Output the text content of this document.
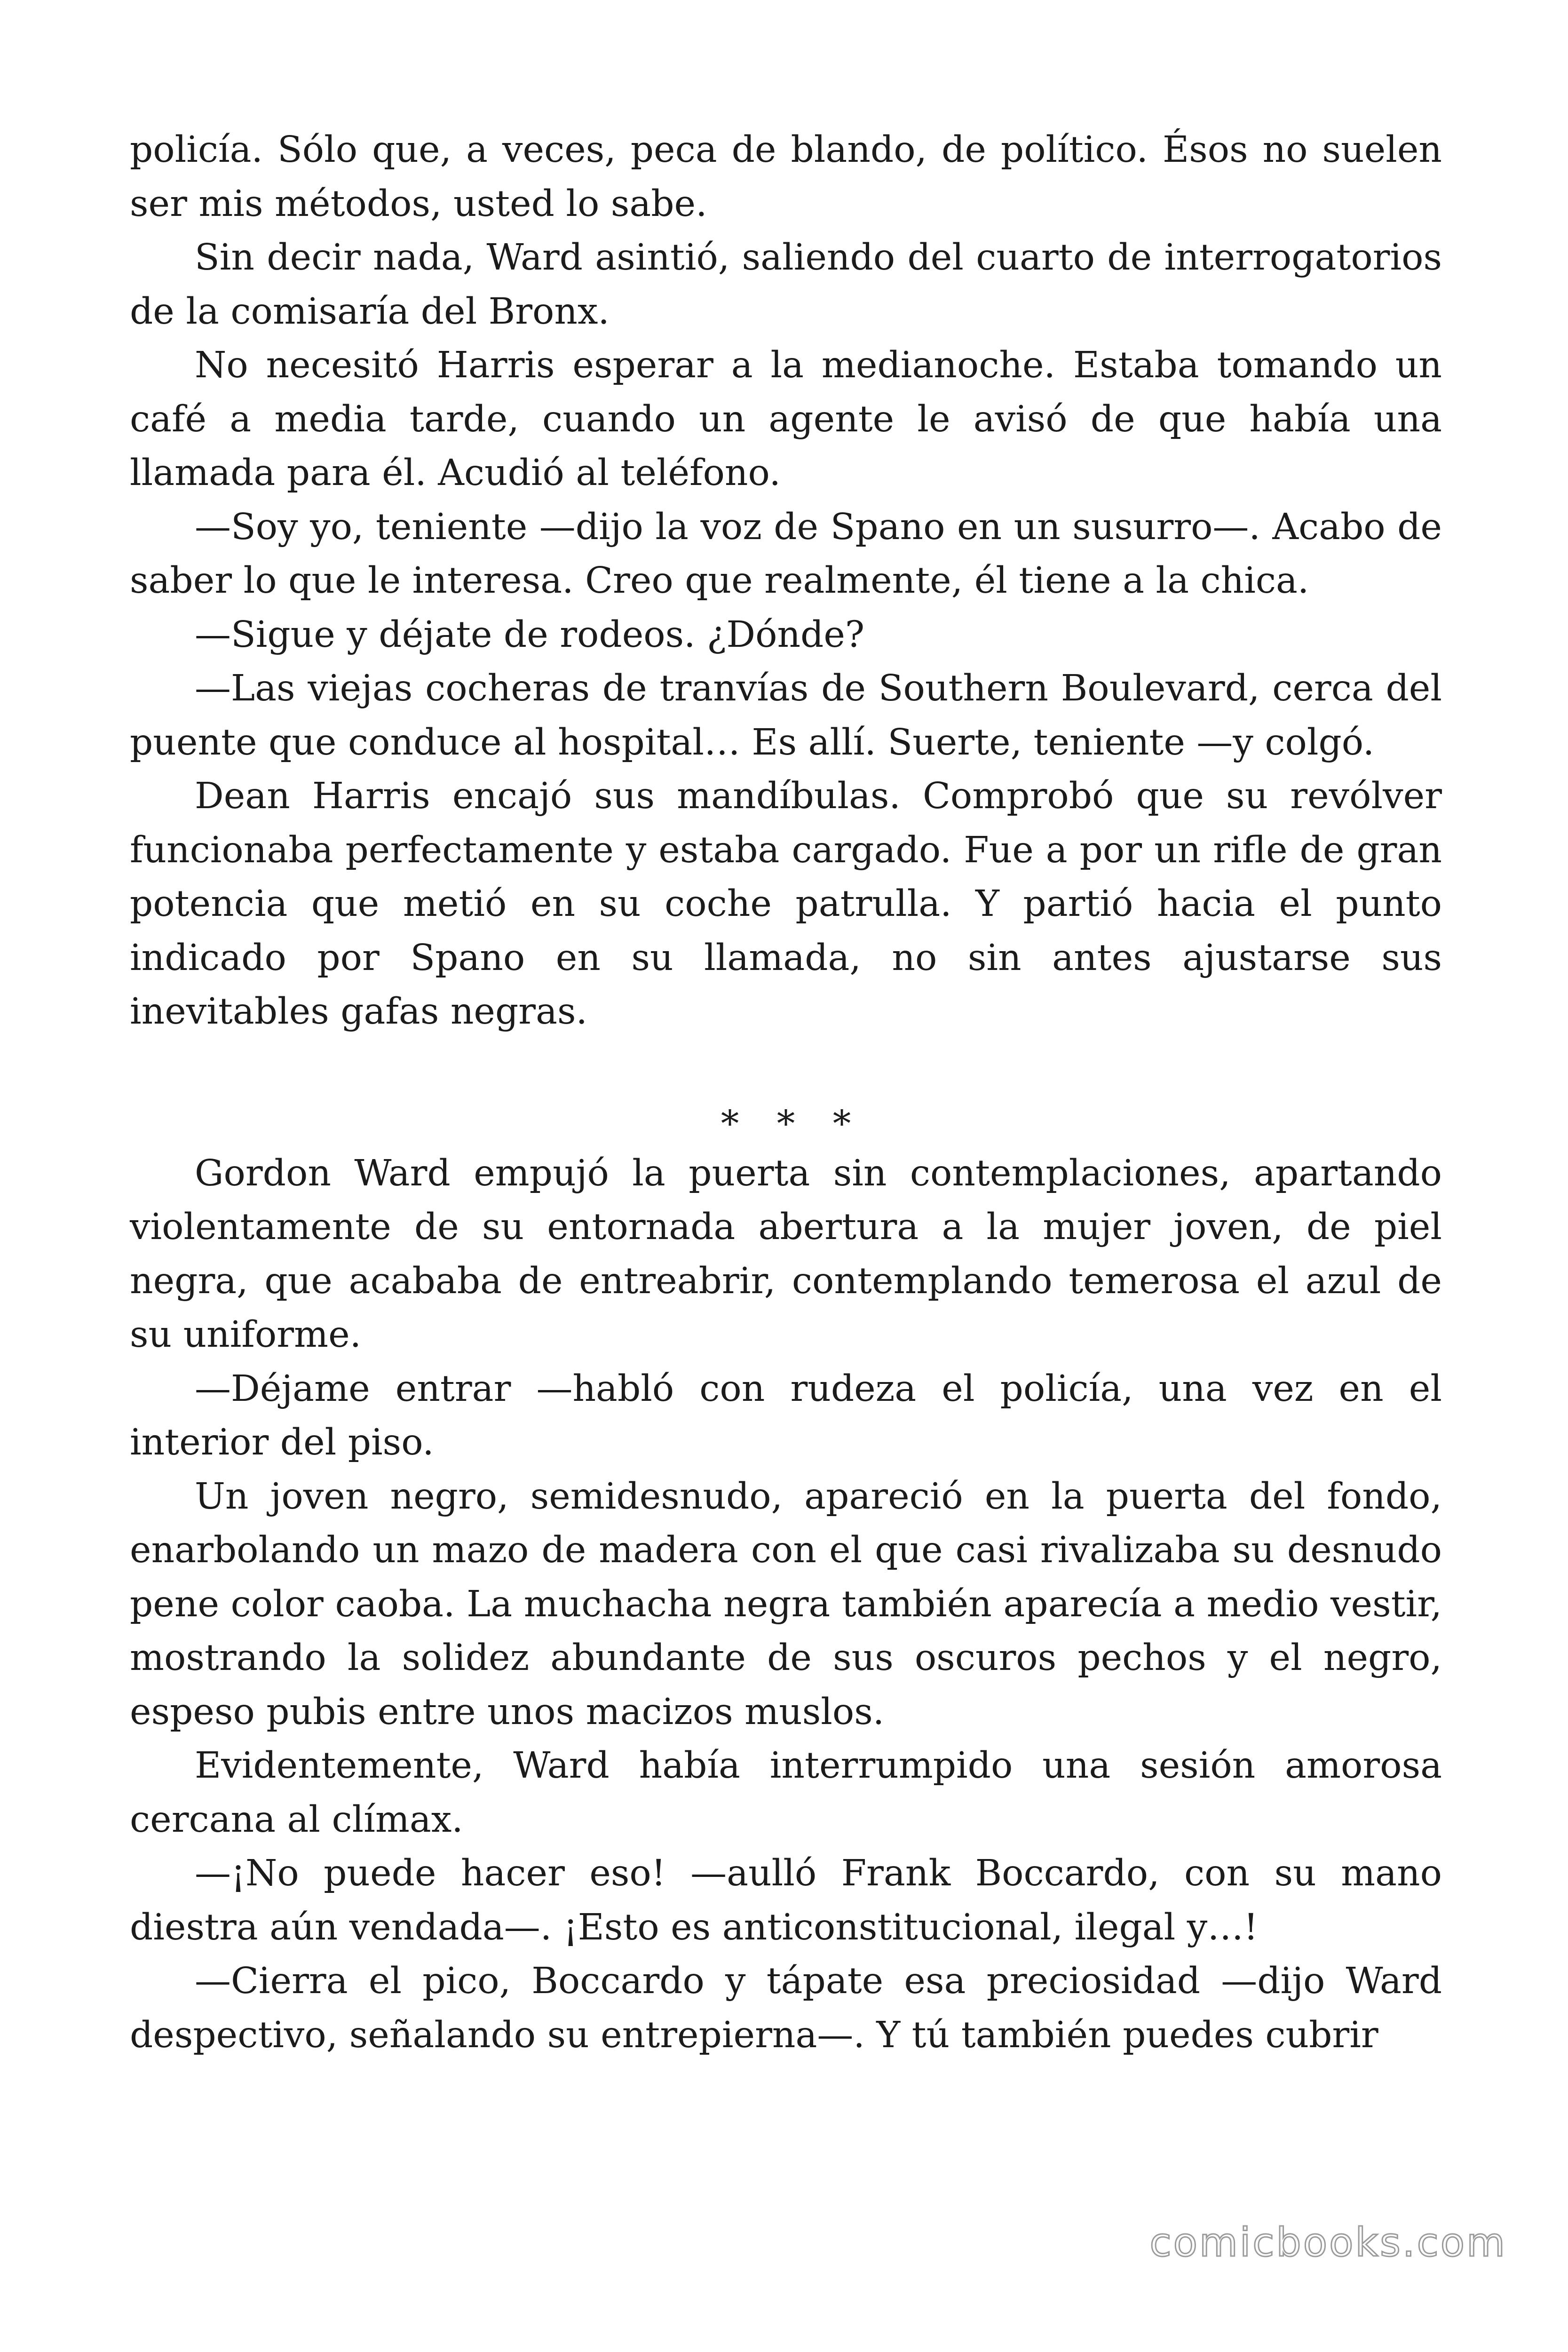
policía. Sólo que, a veces, peca de blando, de político. Ésos no suelen ser mis métodos, usted lo sabe.

Sin decir nada, Ward asintió, saliendo del cuarto de interrogatorios de la comisaría del Bronx.

No necesitó Harris esperar a la medianoche. Estaba tomando un café a media tarde, cuando un agente le avisó de que había una llamada para él. Acudió al teléfono.

—Soy yo, teniente —dijo la voz de Spano en un susurro—. Acabo de saber lo que le interesa. Creo que realmente, él tiene a la chica.

—Sigue y déjate de rodeos. ¿Dónde?

—Las viejas cocheras de tranvías de Southern Boulevard, cerca del puente que conduce al hospital… Es allí. Suerte, teniente —y colgó.

Dean Harris encajó sus mandíbulas. Comprobó que su revólver funcionaba perfectamente y estaba cargado. Fue a por un rifle de gran potencia que metió en su coche patrulla. Y partió hacia el punto indicado por Spano en su llamada, no sin antes ajustarse sus inevitables gafas negras.

* * *

Gordon Ward empujó la puerta sin contemplaciones, apartando violentamente de su entornada abertura a la mujer joven, de piel negra, que acababa de entreabrir, contemplando temerosa el azul de su uniforme.

—Déjame entrar —habló con rudeza el policía, una vez en el interior del piso.

Un joven negro, semidesnudo, apareció en la puerta del fondo, enarbolando un mazo de madera con el que casi rivalizaba su desnudo pene color caoba. La muchacha negra también aparecía a medio vestir, mostrando la solidez abundante de sus oscuros pechos y el negro, espeso pubis entre unos macizos muslos.

Evidentemente, Ward había interrumpido una sesión amorosa cercana al clímax.

—¡No puede hacer eso! —aulló Frank Boccardo, con su mano diestra aún vendada—. ¡Esto es anticonstitucional, ilegal y…!

—Cierra el pico, Boccardo y tápate esa preciosidad —dijo Ward despectivo, señalando su entrepierna—. Y tú también puedes cubrir

comicbooks.com
